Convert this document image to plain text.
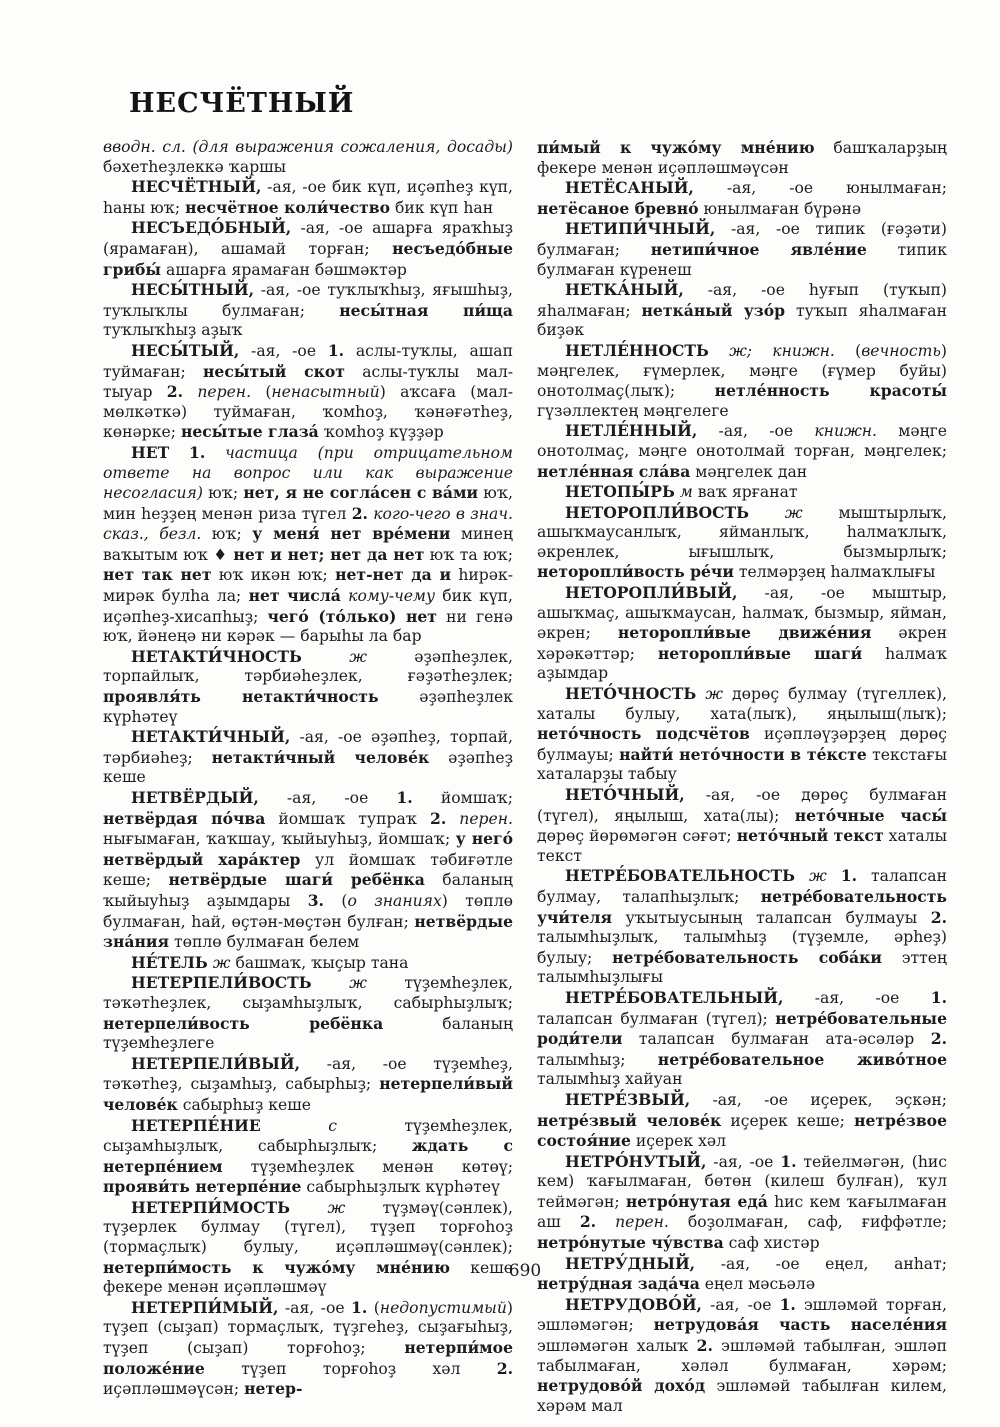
НЕСЧЁТНЫЙ

вводн. сл. (для выражения сожаления, досады) бәхетһеҙлеккә ҡаршы

НЕСЧЁТНЫЙ, -ая, -ое бик күп, иҫәпһеҙ күп, һаны юҡ; несчётное коли́чество бик күп һан

НЕСЪЕДО́БНЫЙ, -ая, -ое ашарға яраҡһыҙ (ярамаған), ашамай торған; несъедо́бные грибы́ ашарға ярамаған бәшмәктәр

НЕСЫ́ТНЫЙ, -ая, -ое туҡлыҡһыҙ, яғышһыҙ, туҡлыҡлы булмаған; несы́тная пи́ща туҡлыҡһыҙ аҙыҡ

НЕСЫ́ТЫЙ, -ая, -ое 1. аслы-туҡлы, ашап туймаған; несы́тый скот аслы-туҡлы мал-тыуар 2. перен. (ненасытный) аҡсаға (мал-мөлкәткә) туймаған, ҡомһоҙ, ҡәнәғәтһеҙ, көнәрке; несы́тые глаза́ ҡомһоҙ күҙҙәр

НЕТ 1. частица (при отрицательном ответе на вопрос или как выражение несогласия) юҡ; нет, я не согла́сен с ва́ми юҡ, мин һеҙҙең менән риза түгел 2. кого-чего в знач. сказ., безл. юҡ; у меня́ нет вре́мени минең ваҡытым юҡ ♦ нет и нет; нет да нет юҡ та юҡ; нет так нет юҡ икән юҡ; нет-нет да и һирәк-мирәк булһа ла; нет числа́ кому-чему бик күп, иҫәпһеҙ-хисапһыҙ; чего́ (то́лько) нет ни генә юҡ, йәнеңә ни кәрәк — барыһы ла бар

НЕТАКТИ́ЧНОСТЬ	ж әҙәпһеҙлек, торпайлыҡ, тәрбиәһеҙлек, ғәҙәтһеҙлек; проявля́ть нетакти́чность әҙәпһеҙлек күрһәтеү

НЕТАКТИ́ЧНЫЙ, -ая, -ое әҙәпһеҙ, торпай, тәрбиәһеҙ; нетакти́чный челове́к әҙәпһеҙ кеше

НЕТВЁРДЫЙ, -ая, -ое 1. йомшаҡ; нетвёрдая по́чва йомшаҡ тупраҡ 2. перен. нығымаған, ҡаҡшау, ҡыйыуһыҙ, йомшаҡ; у него́ нетвёрдый хара́ктер ул йомшаҡ тәбиғәтле кеше; нетвёрдые шаги́ ребёнка баланың ҡыйыуһыҙ аҙымдары 3. (о знаниях) төплө булмаған, һай, өҫтән-мөҫтән булған; нетвёрдые зна́ния төплө булмаған белем

НЕ́ТЕЛЬ ж башмаҡ, ҡыҫыр тана

НЕТЕРПЕЛИ́ВОСТЬ ж түҙемһеҙлек, тәҡәтһеҙлек, сыҙамһыҙлыҡ, сабырһыҙлыҡ; нетерпели́вость ребёнка баланың түҙемһеҙлеге

НЕТЕРПЕЛИ́ВЫЙ, -ая, -ое түҙемһеҙ, тәҡәтһеҙ, сыҙамһыҙ, сабырһыҙ; нетерпели́вый челове́к сабырһыҙ кеше

НЕТЕРПЕ́НИЕ	с түҙемһеҙлек, сыҙамһыҙлыҡ, сабырһыҙлыҡ; ждать с нетерпе́нием түҙемһеҙлек менән көтөү; прояви́ть нетерпе́ние сабырһыҙлыҡ күрһәтеү

НЕТЕРПИ́МОСТЬ ж түҙмәү(сәнлек), түҙерлек булмау (түгел), түҙеп торғоһоҙ (тормаҫлыҡ) булыу, иҫәпләшмәү(сәнлек); нетерпи́мость к чужо́му мне́нию кеше фекере менән иҫәпләшмәү

НЕТЕРПИ́МЫЙ, -ая, -ое 1. (недопустимый) түҙеп (сыҙап) тормаҫлыҡ, түҙгеһеҙ, сыҙағыһыҙ, түҙеп (сыҙап) торғоһоҙ; нетерпи́мое положе́ние түҙеп торғоһоҙ хәл 2. иҫәпләшмәүсән; нетер-

пи́мый к чужо́му мне́нию башҡаларҙың фекере менән иҫәпләшмәүсән

НЕТЁСАНЫЙ, -ая, -ое юнылмаған; нетёсаное бревно́ юнылмаған бүрәнә

НЕТИПИ́ЧНЫЙ, -ая, -ое типик (ғәҙәти) булмаған; нетипи́чное явле́ние типик булмаған күренеш

НЕТКА́НЫЙ, -ая, -ое һуғып (туҡып) яһалмаған; нетка́ный узо́р туҡып яһалмаған биҙәк

НЕТЛЕ́ННОСТЬ ж; книжн. (вечность) мәңгелек, ғүмерлек, мәңге (ғүмер буйы) онотолмаҫ(лыҡ); нетле́нность красоты́ гүзәллектең мәңгелеге

НЕТЛЕ́ННЫЙ, -ая, -ое книжн. мәңге онотолмаҫ, мәңге онотолмай торған, мәңгелек; нетле́нная сла́ва мәңгелек дан

НЕТОПЫ́РЬ м ваҡ ярғанат

НЕТОРОПЛИ́ВОСТЬ ж мыштырлыҡ, ашыҡмаусанлыҡ, яйманлыҡ, һалмаҡлыҡ, әкренлек, ығышлыҡ, бызмырлыҡ; неторопли́вость ре́чи телмәрҙең һалмаҡлығы

НЕТОРОПЛИ́ВЫЙ, -ая, -ое мыштыр, ашыҡмаҫ, ашыҡмаусан, һалмаҡ, бызмыр, яйман, әкрен; неторопли́вые движе́ния әкрен хәрәкәттәр; неторопли́вые шаги́ һалмаҡ аҙымдар

НЕТО́ЧНОСТЬ ж дөрөҫ булмау (түгеллек), хаталы булыу, хата(лыҡ), яңылыш(лыҡ); нето́чность подсчётов иҫәпләүҙәрҙең дөрөҫ булмауы; найти́ нето́чности в те́ксте текстағы хаталарҙы табыу

НЕТО́ЧНЫЙ, -ая, -ое дөрөҫ булмаған (түгел), яңылыш, хата(лы); нето́чные часы́ дөрөҫ йөрөмәгән сәғәт; нето́чный текст хаталы текст

НЕТРЕ́БОВАТЕЛЬНОСТЬ ж 1. талапсан булмау, талапһыҙлыҡ; нетре́бовательность учи́теля уҡытыусының талапсан булмауы 2. талымһыҙлыҡ, талымһыҙ (түҙемле, әрһеҙ) булыу; нетре́бовательность соба́ки эттең талымһыҙлығы

НЕТРЕ́БОВАТЕЛЬНЫЙ, -ая, -ое 1. талапсан булмаған (түгел); нетре́бовательные роди́тели талапсан булмаған ата-әсәләр 2. талымһыҙ; нетре́бовательное живо́тное талымһыҙ хайуан

НЕТРЕ́ЗВЫЙ, -ая, -ое иҫерек, эҫкән; нетре́звый челове́к иҫерек кеше; нетре́звое состоя́ние иҫерек хәл

НЕТРО́НУТЫЙ, -ая, -ое 1. тейелмәгән, (һис кем) ҡағылмаған, бөтөн (килеш булған), ҡул теймәгән; нетро́нутая еда́ һис кем ҡағылмаған аш 2. перен. боҙолмаған, саф, ғиффәтле; нетро́нутые чу́вства саф хистәр

НЕТРУ́ДНЫЙ, -ая, -ое еңел, анһат; нетру́дная зада́ча еңел мәсьәлә

НЕТРУДОВО́Й, -ая, -ое 1. эшләмәй торған, эшләмәгән; нетрудова́я часть населе́ния эшләмәгән халыҡ 2. эшләмәй табылған, эшләп табылмаған, хәләл булмаған, хәрәм; нетрудово́й дохо́д эшләмәй табылған килем, хәрәм мал

690
